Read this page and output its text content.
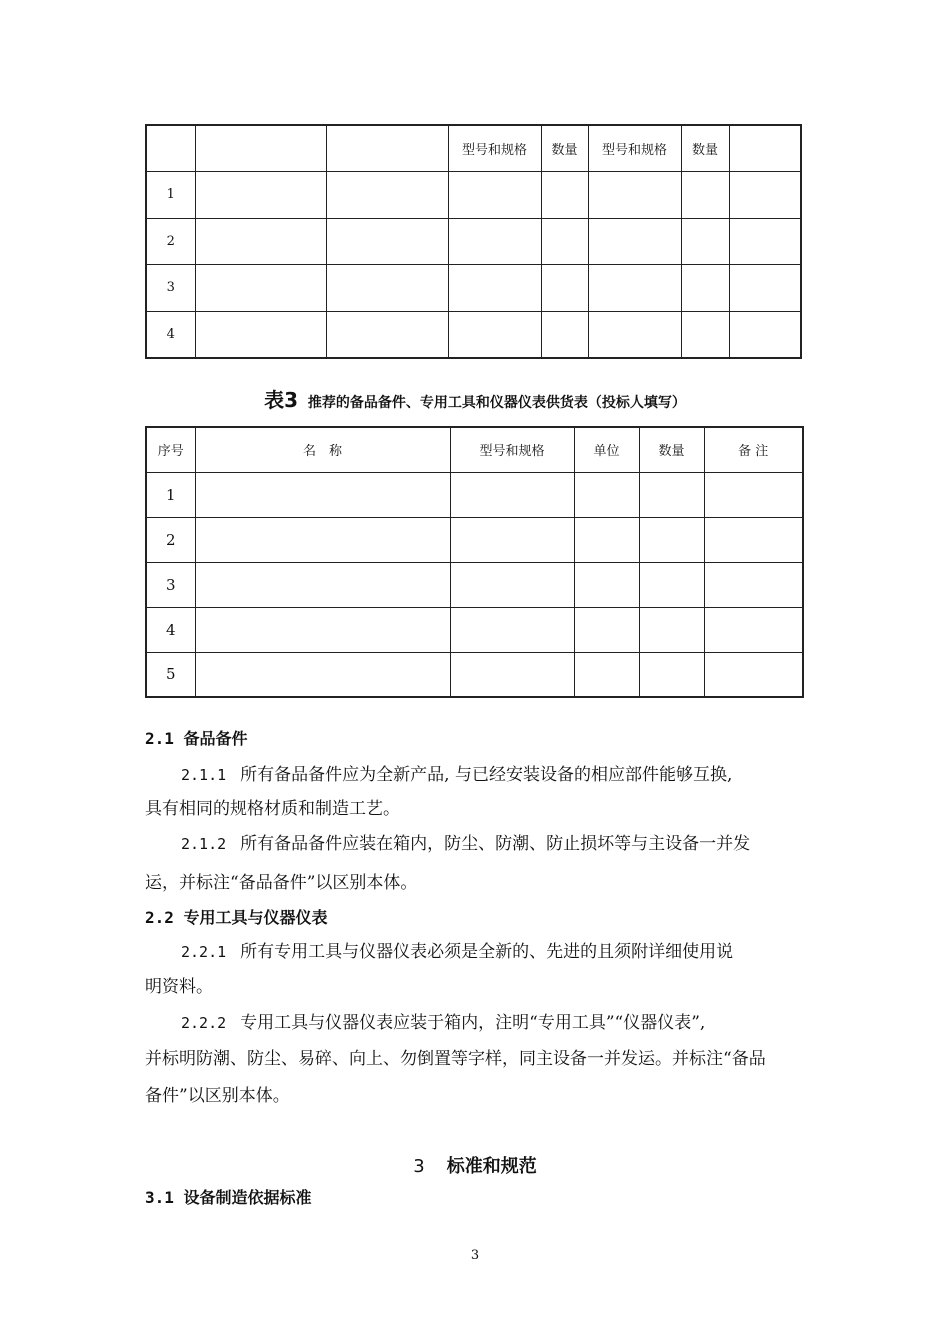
			型号和规格	数量	型号和规格	数量	
1							
2							
3							
4							
表3 推荐的备品备件、专用工具和仪器仪表供货表（投标人填写）
序号	名　称	型号和规格	单位	数量	备 注
1					
2					
3					
4					
5					
2.1 备品备件
2.1.1 所有备品备件应为全新产品, 与已经安装设备的相应部件能够互换,
具有相同的规格材质和制造工艺。
2.1.2 所有备品备件应装在箱内，防尘、防潮、防止损坏等与主设备一并发
运，并标注“备品备件”以区别本体。
2.2 专用工具与仪器仪表
2.2.1 所有专用工具与仪器仪表必须是全新的、先进的且须附详细使用说
明资料。
2.2.2 专用工具与仪器仪表应装于箱内，注明“专用工具”“仪器仪表”,
并标明防潮、防尘、易碎、向上、勿倒置等字样，同主设备一并发运。并标注“备品
备件”以区别本体。
3 标准和规范
3.1 设备制造依据标准
3
